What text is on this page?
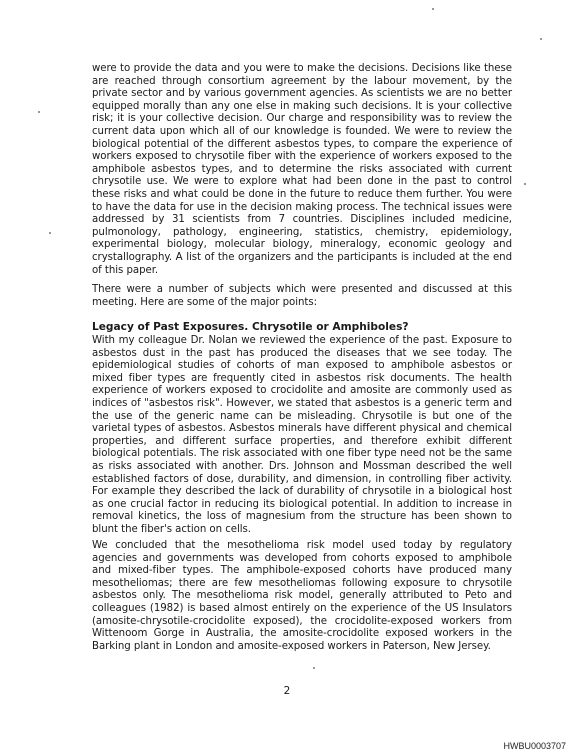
were to provide the data and you were to make the decisions. Decisions like these are reached through consortium agreement by the labour movement, by the private sector and by various government agencies. As scientists we are no better equipped morally than any one else in making such decisions. It is your collective risk; it is your collective decision. Our charge and responsibility was to review the current data upon which all of our knowledge is founded. We were to review the biological potential of the different asbestos types, to compare the experience of workers exposed to chrysotile fiber with the experience of workers exposed to the amphibole asbestos types, and to determine the risks associated with current chrysotile use. We were to explore what had been done in the past to control these risks and what could be done in the future to reduce them further. You were to have the data for use in the decision making process. The technical issues were addressed by 31 scientists from 7 countries. Disciplines included medicine, pulmonology, pathology, engineering, statistics, chemistry, epidemiology, experimental biology, molecular biology, mineralogy, economic geology and crystallography. A list of the organizers and the participants is included at the end of this paper.

There were a number of subjects which were presented and discussed at this meeting. Here are some of the major points:

Legacy of Past Exposures. Chrysotile or Amphiboles?

With my colleague Dr. Nolan we reviewed the experience of the past. Exposure to asbestos dust in the past has produced the diseases that we see today. The epidemiological studies of cohorts of man exposed to amphibole asbestos or mixed fiber types are frequently cited in asbestos risk documents. The health experience of workers exposed to crocidolite and amosite are commonly used as indices of "asbestos risk". However, we stated that asbestos is a generic term and the use of the generic name can be misleading. Chrysotile is but one of the varietal types of asbestos. Asbestos minerals have different physical and chemical properties, and different surface properties, and therefore exhibit different biological potentials. The risk associated with one fiber type need not be the same as risks associated with another. Drs. Johnson and Mossman described the well established factors of dose, durability, and dimension, in controlling fiber activity. For example they described the lack of durability of chrysotile in a biological host as one crucial factor in reducing its biological potential. In addition to increase in removal kinetics, the loss of magnesium from the structure has been shown to blunt the fiber's action on cells.

We concluded that the mesothelioma risk model used today by regulatory agencies and governments was developed from cohorts exposed to amphibole and mixed-fiber types. The amphibole-exposed cohorts have produced many mesotheliomas; there are few mesotheliomas following exposure to chrysotile asbestos only. The mesothelioma risk model, generally attributed to Peto and colleagues (1982) is based almost entirely on the experience of the US Insulators (amosite-chrysotile-crocidolite exposed), the crocidolite-exposed workers from Wittenoom Gorge in Australia, the amosite-crocidolite exposed workers in the Barking plant in London and amosite-exposed workers in Paterson, New Jersey.

2
HWBU0003707
